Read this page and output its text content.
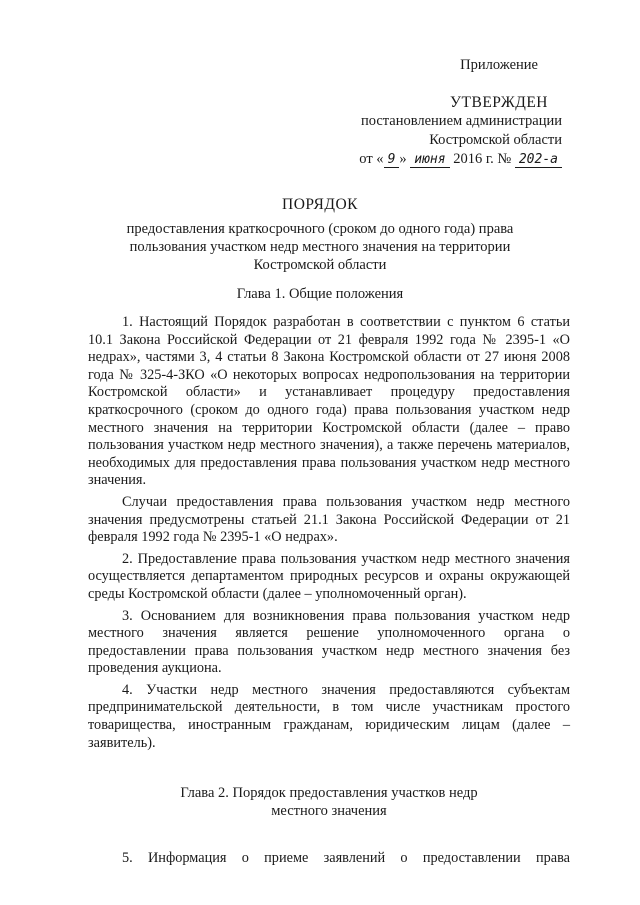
Приложение
УТВЕРЖДЕН
постановлением администрации
Костромской области
от « 9 » июня 2016 г. № 202-а
ПОРЯДОК
предоставления краткосрочного (сроком до одного года) права пользования участком недр местного значения на территории Костромской области
Глава 1. Общие положения

1. Настоящий Порядок разработан в соответствии с пунктом 6 статьи 10.1 Закона Российской Федерации от 21 февраля 1992 года № 2395-1 «О недрах», частями 3, 4 статьи 8 Закона Костромской области от 27 июня 2008 года № 325-4-ЗКО «О некоторых вопросах недропользования на территории Костромской области» и устанавливает процедуру предоставления краткосрочного (сроком до одного года) права пользования участком недр местного значения на территории Костромской области (далее – право пользования участком недр местного значения), а также перечень материалов, необходимых для предоставления права пользования участком недр местного значения.

Случаи предоставления права пользования участком недр местного значения предусмотрены статьей 21.1 Закона Российской Федерации от 21 февраля 1992 года № 2395-1 «О недрах».

2. Предоставление права пользования участком недр местного значения осуществляется департаментом природных ресурсов и охраны окружающей среды Костромской области (далее – уполномоченный орган).

3. Основанием для возникновения права пользования участком недр местного значения является решение уполномоченного органа о предоставлении права пользования участком недр местного значения без проведения аукциона.

4. Участки недр местного значения предоставляются субъектам предпринимательской деятельности, в том числе участникам простого товарищества, иностранным гражданам, юридическим лицам (далее – заявитель).

Глава 2. Порядок предоставления участков недр
местного значения

5. Информация о приеме заявлений о предоставлении права
